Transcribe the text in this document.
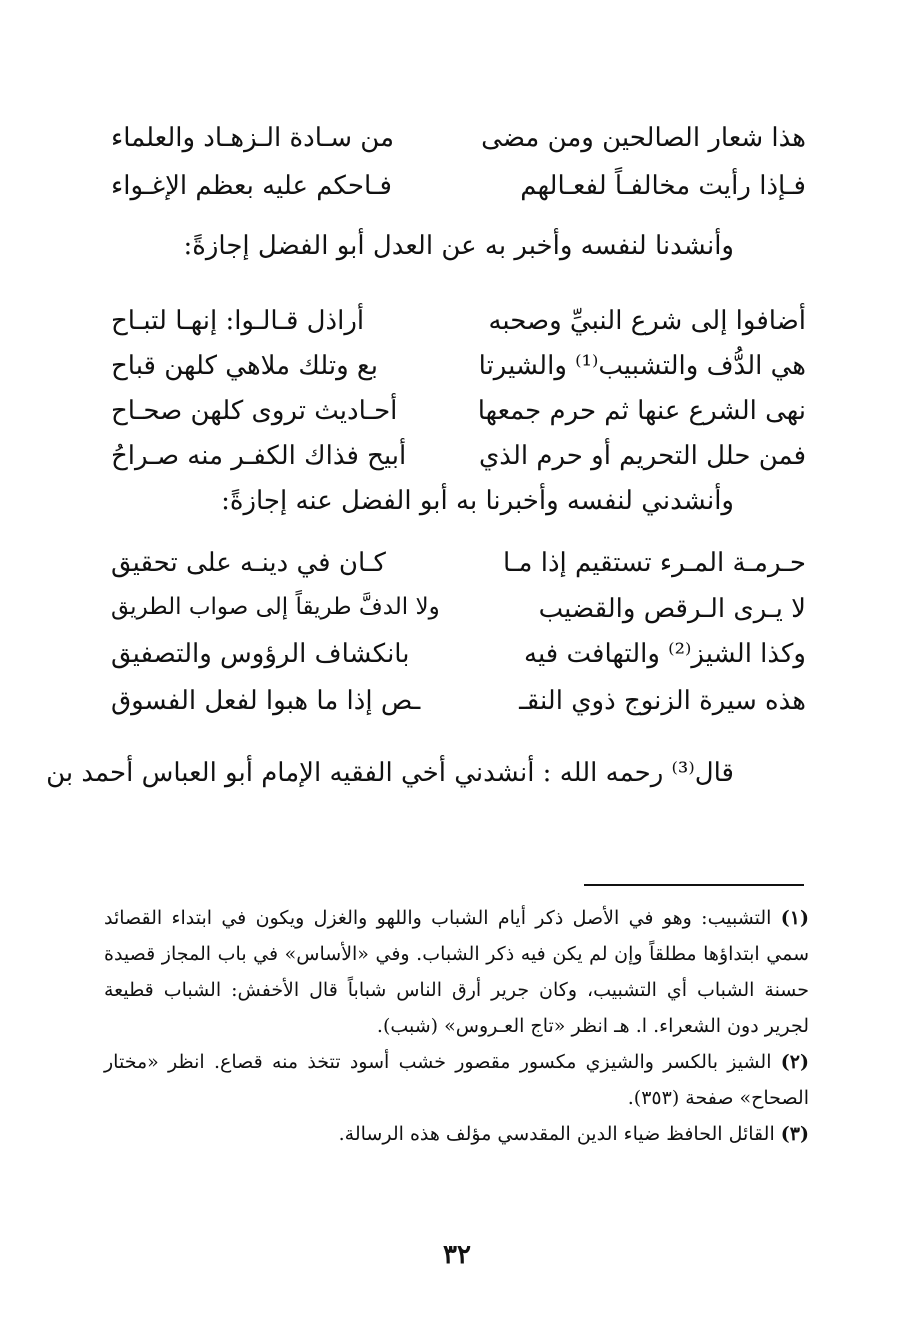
هذا شعار الصالحين ومن مضى
من سـادة الـزهـاد والعلماء
فـإذا رأيت مخالفـاً لفعـالهم
فـاحكم عليه بعظم الإغـواء
وأنشدنا لنفسه وأخبر به عن العدل أبو الفضل إجازةً:
أضافوا إلى شرع النبيِّ وصحبه
أراذل قـالـوا: إنهـا لتبـاح
هي الدُّف والتشبيب⁽¹⁾ والشيرتا
بع وتلك ملاهي كلهن قباح
نهى الشرع عنها ثم حرم جمعها
أحـاديث تروى كلهن صحـاح
فمن حلل التحريم أو حرم الذي
أبيح فذاك الكفـر منه صـراحُ
وأنشدني لنفسه وأخبرنا به أبو الفضل عنه إجازةً:
حـرمـة المـرء تستقيم إذا مـا
كـان في دينـه على تحقيق
لا يـرى الـرقص والقضيب
ولا الدفَّ طريقاً إلى صواب الطريق
وكذا الشيز⁽²⁾ والتهافت فيه
بانكشاف الرؤوس والتصفيق
هذه سيرة الزنوج ذوي النقـ
ـص إذا ما هبوا لفعل الفسوق
قال⁽³⁾ رحمه الله : أنشدني أخي الفقيه الإمام أبو العباس أحمد بن

(١) التشبيب: وهو في الأصل ذكر أيام الشباب واللهو والغزل ويكون في ابتداء القصائد سمي ابتداؤها مطلقاً وإن لم يكن فيه ذكر الشباب. وفي «الأساس» في باب المجاز قصيدة حسنة الشباب أي التشبيب، وكان جرير أرق الناس شباباً قال الأخفش: الشباب قطيعة لجرير دون الشعراء. ا. هـ انظر «تاج العـروس» (شبب).

(٢) الشيز بالكسر والشيزي مكسور مقصور خشب أسود تتخذ منه قصاع. انظر «مختار الصحاح» صفحة (٣٥٣).

(٣) القائل الحافظ ضياء الدين المقدسي مؤلف هذه الرسالة.

٣٢
